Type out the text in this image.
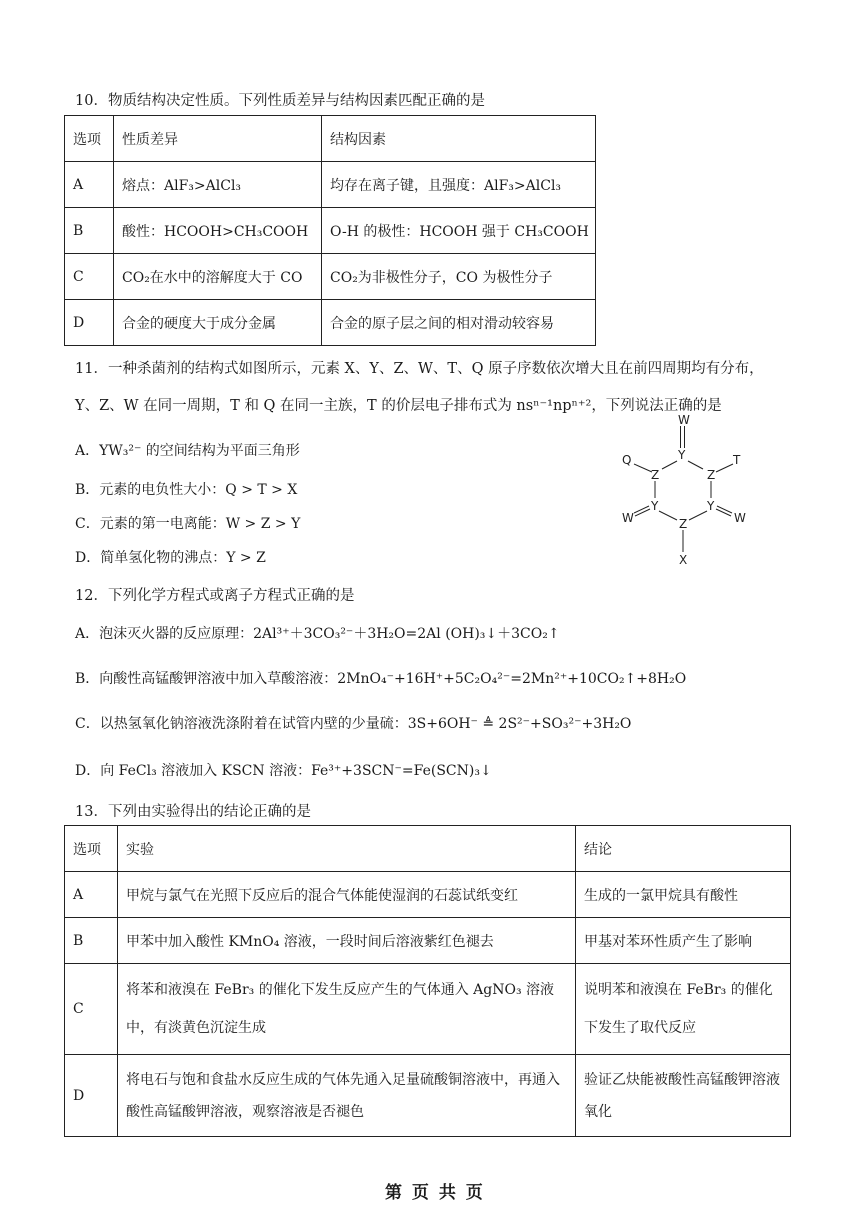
10．物质结构决定性质。下列性质差异与结构因素匹配正确的是
选项	性质差异	结构因素
A	熔点：AlF₃>AlCl₃	均存在离子键，且强度：AlF₃>AlCl₃
B	酸性：HCOOH>CH₃COOH	O-H 的极性：HCOOH 强于 CH₃COOH
C	CO₂在水中的溶解度大于 CO	CO₂为非极性分子，CO 为极性分子
D	合金的硬度大于成分金属	合金的原子层之间的相对滑动较容易
11．一种杀菌剂的结构式如图所示，元素 X、Y、Z、W、T、Q 原子序数依次增大且在前四周期均有分布，
Y、Z、W 在同一周期，T 和 Q 在同一主族，T 的价层电子排布式为 nsⁿ⁻¹npⁿ⁺²，下列说法正确的是
A．YW₃²⁻ 的空间结构为平面三角形
B．元素的电负性大小：Q > T > X
C．元素的第一电离能：W > Z > Y
D．简单氢化物的沸点：Y > Z
W
Y
Q
Z	Z
T
W
Y	Y
W
Z
X
12．下列化学方程式或离子方程式正确的是
A．泡沫灭火器的反应原理：2Al³⁺＋3CO₃²⁻＋3H₂O=2Al (OH)₃↓＋3CO₂↑
B．向酸性高锰酸钾溶液中加入草酸溶液：2MnO₄⁻+16H⁺+5C₂O₄²⁻=2Mn²⁺+10CO₂↑+8H₂O
C．以热氢氧化钠溶液洗涤附着在试管内壁的少量硫：3S+6OH⁻ ≜ 2S²⁻+SO₃²⁻+3H₂O
D．向 FeCl₃ 溶液加入 KSCN 溶液：Fe³⁺+3SCN⁻=Fe(SCN)₃↓
13．下列由实验得出的结论正确的是
选项	实验	结论
A	甲烷与氯气在光照下反应后的混合气体能使湿润的石蕊试纸变红	生成的一氯甲烷具有酸性
B	甲苯中加入酸性 KMnO₄ 溶液，一段时间后溶液紫红色褪去	甲基对苯环性质产生了影响
C	将苯和液溴在 FeBr₃ 的催化下发生反应产生的气体通入 AgNO₃ 溶液中，有淡黄色沉淀生成	说明苯和液溴在 FeBr₃ 的催化下发生了取代反应
D	将电石与饱和食盐水反应生成的气体先通入足量硫酸铜溶液中，再通入酸性高锰酸钾溶液，观察溶液是否褪色	验证乙炔能被酸性高锰酸钾溶液氧化
第 页 共 页
